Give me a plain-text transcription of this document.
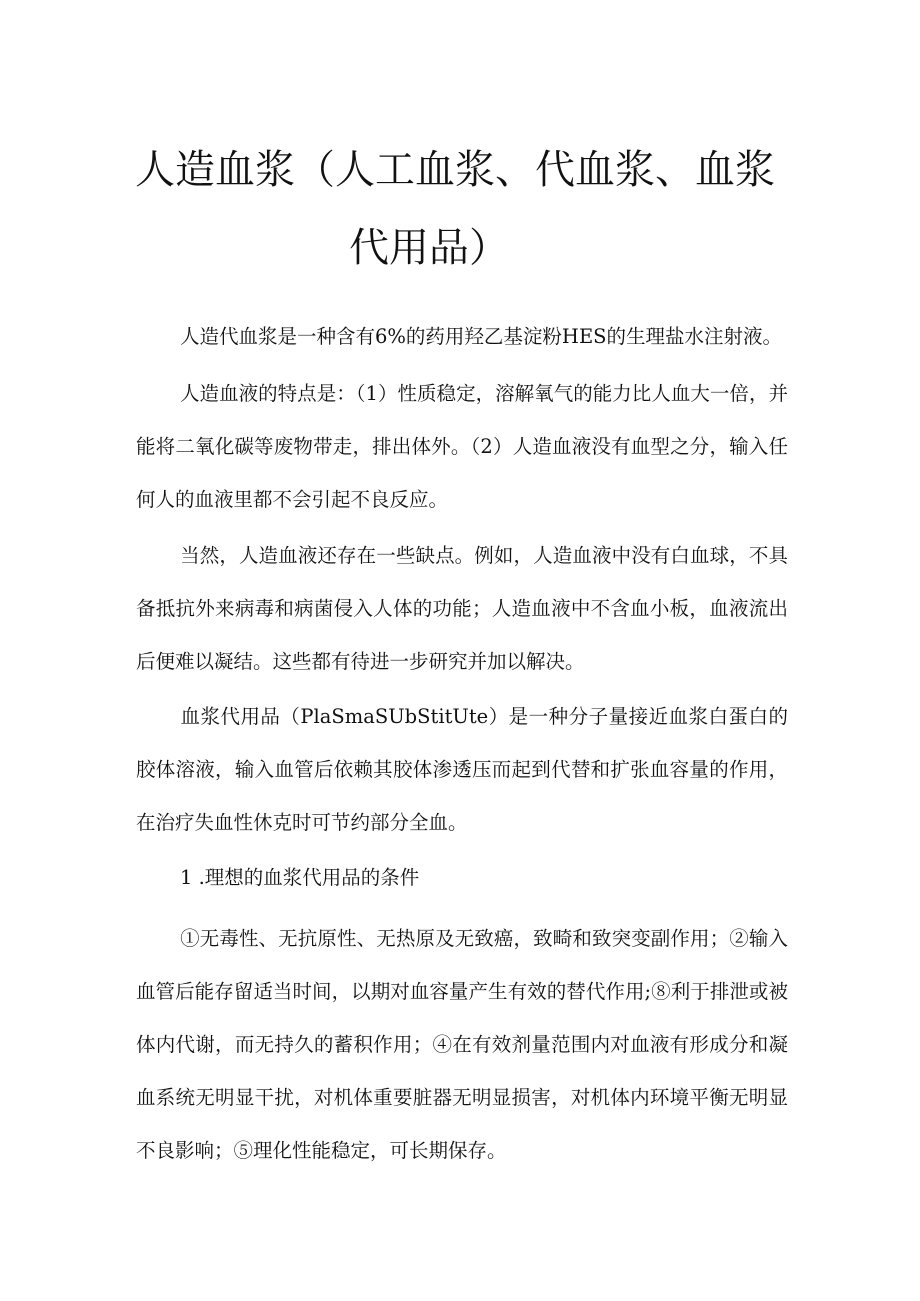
人造血浆（人工血浆、代血浆、血浆
代用品）

人造代血浆是一种含有6%的药用羟乙基淀粉HES的生理盐水注射液。

人造血液的特点是：（1）性质稳定，溶解氧气的能力比人血大一倍，并能将二氧化碳等废物带走，排出体外。（2）人造血液没有血型之分，输入任何人的血液里都不会引起不良反应。

当然，人造血液还存在一些缺点。例如，人造血液中没有白血球，不具备抵抗外来病毒和病菌侵入人体的功能；人造血液中不含血小板，血液流出后便难以凝结。这些都有待进一步研究并加以解决。

血浆代用品（PlaSmaSUbStitUte）是一种分子量接近血浆白蛋白的胶体溶液，输入血管后依赖其胶体渗透压而起到代替和扩张血容量的作用，在治疗失血性休克时可节约部分全血。

1 .理想的血浆代用品的条件

①无毒性、无抗原性、无热原及无致癌，致畸和致突变副作用；②输入血管后能存留适当时间，以期对血容量产生有效的替代作用;⑧利于排泄或被体内代谢，而无持久的蓄积作用；④在有效剂量范围内对血液有形成分和凝血系统无明显干扰，对机体重要脏器无明显损害，对机体内环境平衡无明显不良影响；⑤理化性能稳定，可长期保存。
